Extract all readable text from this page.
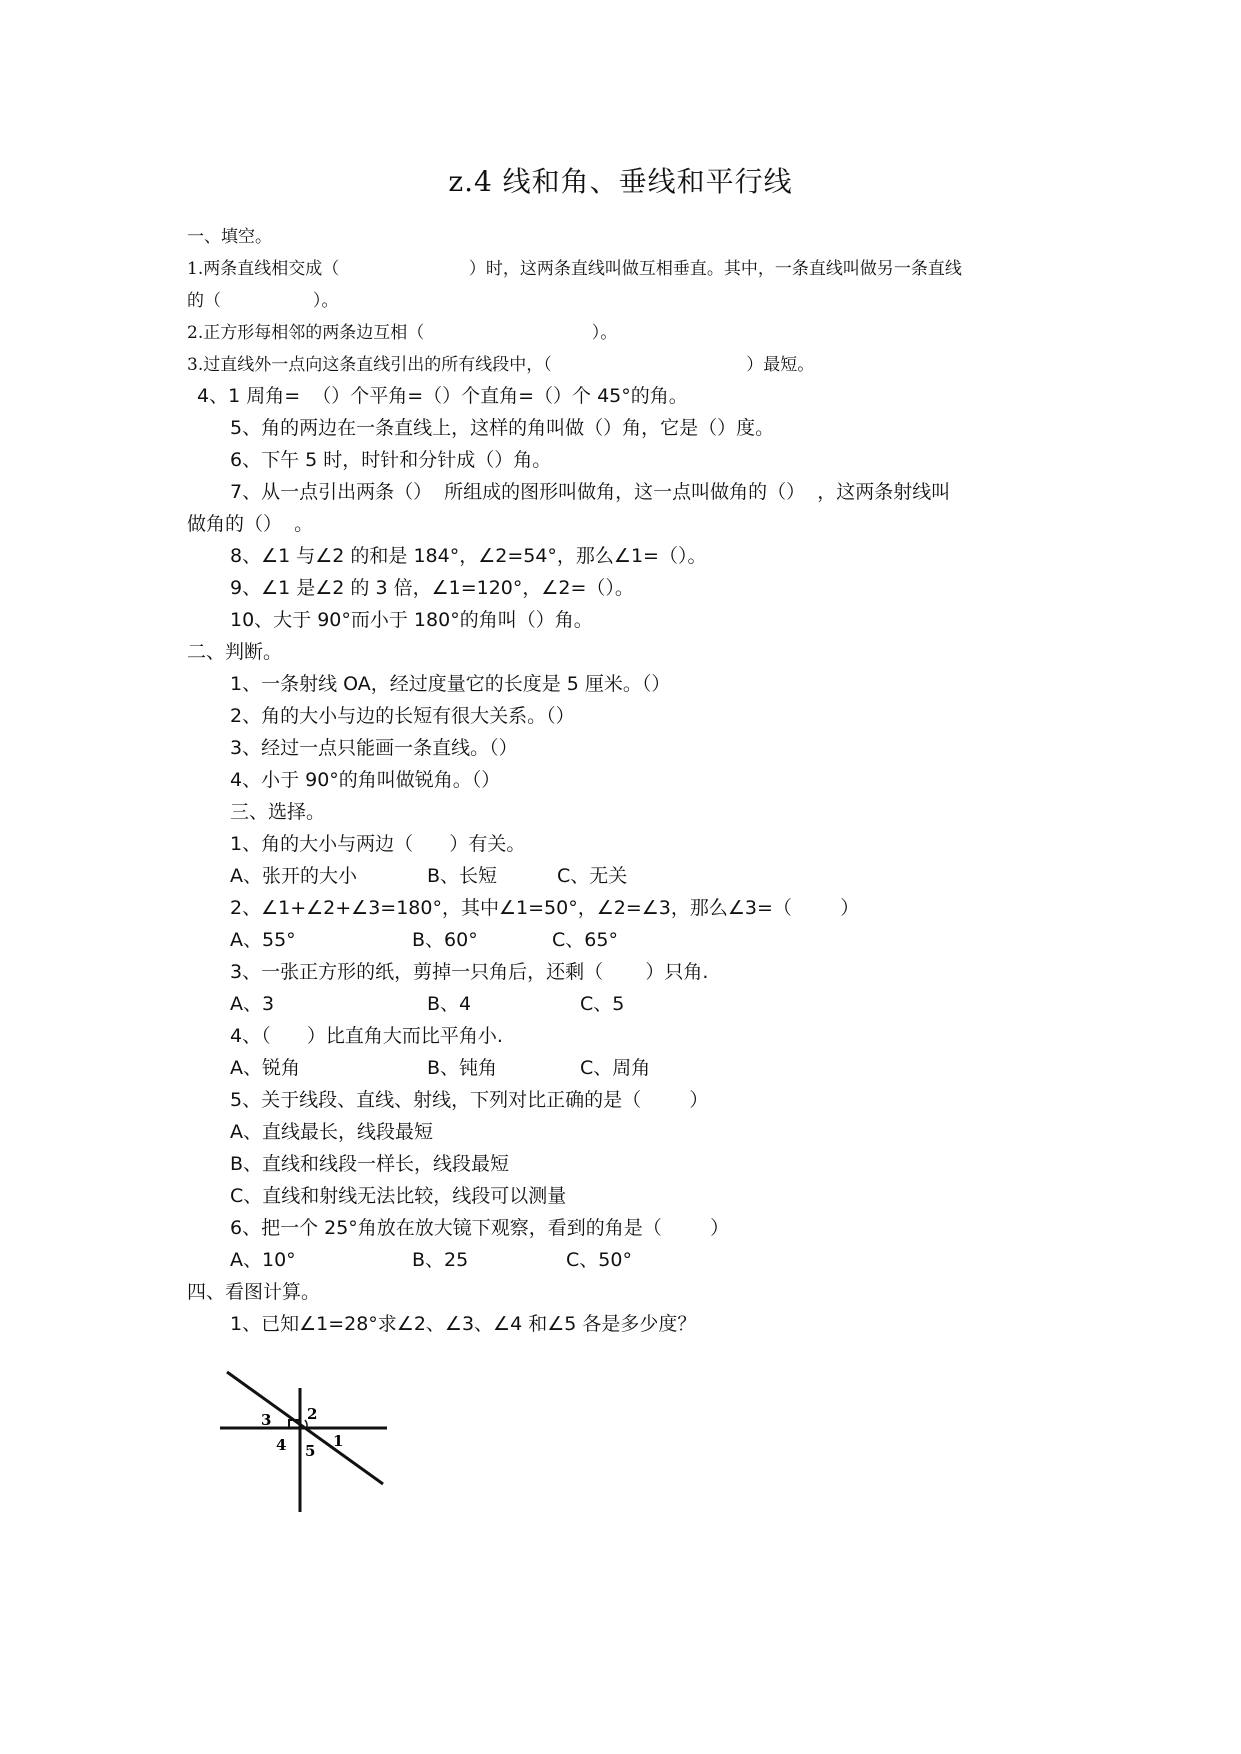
z.4 线和角、垂线和平行线
一、填空。
1.两条直线相交成（                        ）时，这两条直线叫做互相垂直。其中，一条直线叫做另一条直线
的（                 ）。
2.正方形每相邻的两条边互相（                               ）。
3.过直线外一点向这条直线引出的所有线段中，（                                    ）最短。
4、1 周角=  （）个平角=（）个直角=（）个 45°的角。
5、角的两边在一条直线上，这样的角叫做（）角，它是（）度。
6、下午 5 时，时针和分针成（）角。
7、从一点引出两条（）  所组成的图形叫做角，这一点叫做角的（）  ，这两条射线叫
做角的（）  。
8、∠1 与∠2 的和是 184°，∠2=54°，那么∠1=（）。
9、∠1 是∠2 的 3 倍，∠1=120°，∠2=（）。
10、大于 90°而小于 180°的角叫（）角。
二、判断。
1、一条射线 OA，经过度量它的长度是 5 厘米。（）
2、角的大小与边的长短有很大关系。（）
3、经过一点只能画一条直线。（）
4、小于 90°的角叫做锐角。（）
三、选择。
1、角的大小与两边（      ）有关。
A、张开的大小	B、长短	C、无关
2、∠1+∠2+∠3=180°，其中∠1=50°，∠2=∠3，那么∠3=（        ）
A、55°	B、60°	C、65°
3、一张正方形的纸，剪掉一只角后，还剩（       ）只角.
A、3	B、4	C、5
4、（      ）比直角大而比平角小.
A、锐角	B、钝角	C、周角
5、关于线段、直线、射线，下列对比正确的是（        ）
A、直线最长，线段最短
B、直线和线段一样长，线段最短
C、直线和射线无法比较，线段可以测量
6、把一个 25°角放在放大镜下观察，看到的角是（        ）
A、10°	B、25	C、50°
四、看图计算。
1、已知∠1=28°求∠2、∠3、∠4 和∠5 各是多少度？
3 2
4 5
1
